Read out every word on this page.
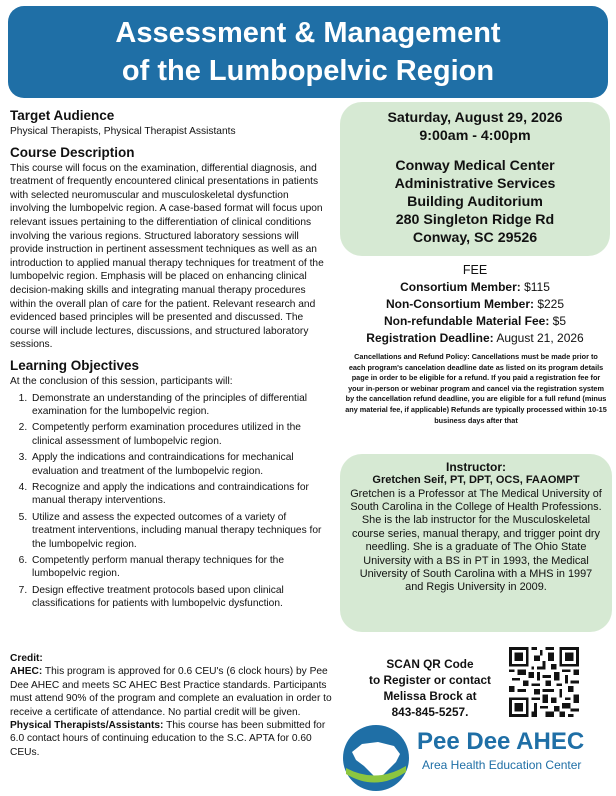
Assessment & Management
of the Lumbopelvic Region
Target Audience
Physical Therapists, Physical Therapist Assistants
Course Description
This course will focus on the examination, differential diagnosis, and treatment of frequently encountered clinical presentations in patients with selected neuromuscular and musculoskeletal dysfunction involving the lumbopelvic region. A case-based format will focus upon relevant issues pertaining to the differentiation of clinical conditions involving the various regions. Structured laboratory sessions will provide instruction in pertinent assessment techniques as well as an introduction to applied manual therapy techniques for treatment of the lumbopelvic region. Emphasis will be placed on enhancing clinical decision-making skills and integrating manual therapy procedures within the overall plan of care for the patient. Relevant research and evidenced based principles will be presented and discussed. The course will include lectures, discussions, and structured laboratory sessions.
Learning Objectives
At the conclusion of this session, participants will:
1. Demonstrate an understanding of the principles of differential examination for the lumbopelvic region.
2. Competently perform examination procedures utilized in the clinical assessment of lumbopelvic region.
3. Apply the indications and contraindications for mechanical evaluation and treatment of the lumbopelvic region.
4. Recognize and apply the indications and contraindications for manual therapy interventions.
5. Utilize and assess the expected outcomes of a variety of treatment interventions, including manual therapy techniques for the lumbopelvic region.
6. Competently perform manual therapy techniques for the lumbopelvic region.
7. Design effective treatment protocols based upon clinical classifications for patients with lumbopelvic dysfunction.
Credit:
AHEC: This program is approved for 0.6 CEU's (6 clock hours) by Pee Dee AHEC and meets SC AHEC Best Practice standards. Participants must attend 90% of the program and complete an evaluation in order to receive a certificate of attendance. No partial credit will be given.
Physical Therapists/Assistants: This course has been submitted for 6.0 contact hours of continuing education to the S.C. APTA for 0.60 CEUs.
Saturday, August 29, 2026
9:00am - 4:00pm
Conway Medical Center
Administrative Services
Building Auditorium
280 Singleton Ridge Rd
Conway, SC 29526
FEE
Consortium Member: $115
Non-Consortium Member: $225
Non-refundable Material Fee: $5
Registration Deadline: August 21, 2026
Cancellations and Refund Policy: Cancellations must be made prior to each program's cancelation deadline date as listed on its program details page in order to be eligible for a refund. If you paid a registration fee for your in-person or webinar program and cancel via the registration system by the cancellation refund deadline, you are eligible for a full refund (minus any material fee, if applicable) Refunds are typically processed within 10-15 business days after that
Instructor:
Gretchen Seif, PT, DPT, OCS, FAAOMPT
Gretchen is a Professor at The Medical University of South Carolina in the College of Health Professions. She is the lab instructor for the Musculoskeletal course series, manual therapy, and trigger point dry needling. She is a graduate of The Ohio State University with a BS in PT in 1993, the Medical University of South Carolina with a MHS in 1997 and Regis University in 2009.
SCAN QR Code
to Register or contact
Melissa Brock at
843-845-5257.
Pee Dee AHEC
Area Health Education Center
